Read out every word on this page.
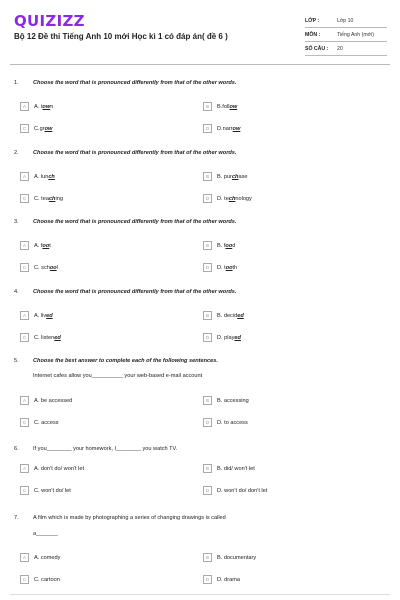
QUIZIZZ
Bộ 12 Đề thi Tiếng Anh 10 mới Học kì 1 có đáp án( đề 6 )
LỚP :	Lớp 10
MÔN :	Tiếng Anh (mới)
SỐ CÂU :	20
1.	Choose the word that is pronounced differently from that of the other words.
A	A. town	B	B.follow
C	C.grow	D	D.narrow
2.	Choose the word that is pronounced differently from that of the other words.
A	A. lunch	B	B. purchase
C	C. teaching	D	D. technology
3.	Choose the word that is pronounced differently from that of the other words.
A	A. foot	B	B. food
C	C. school	D	D. tooth
4.	Choose the word that is pronounced differently from that of the other words.
A	A. lived	B	B. decided
C	C. listened	D	D. played
5.	Choose the best answer to complete each of the following sentences.
Internet cafes allow you__________ your web-based e-mail account
A	A. be accessed	B	B. accessing
C	C. access	D	D. to access
6.	If you________ your homework, I________ you watch TV.
A	A. don't do/ won't let	B	B. did/ won't let
C	C. won't do/ let	D	D. won't do/ don't let
7.	A film which is made by photographing a series of changing drawings is called
a_______
A	A. comedy	B	B. documentary
C	C. cartoon	D	D. drama
